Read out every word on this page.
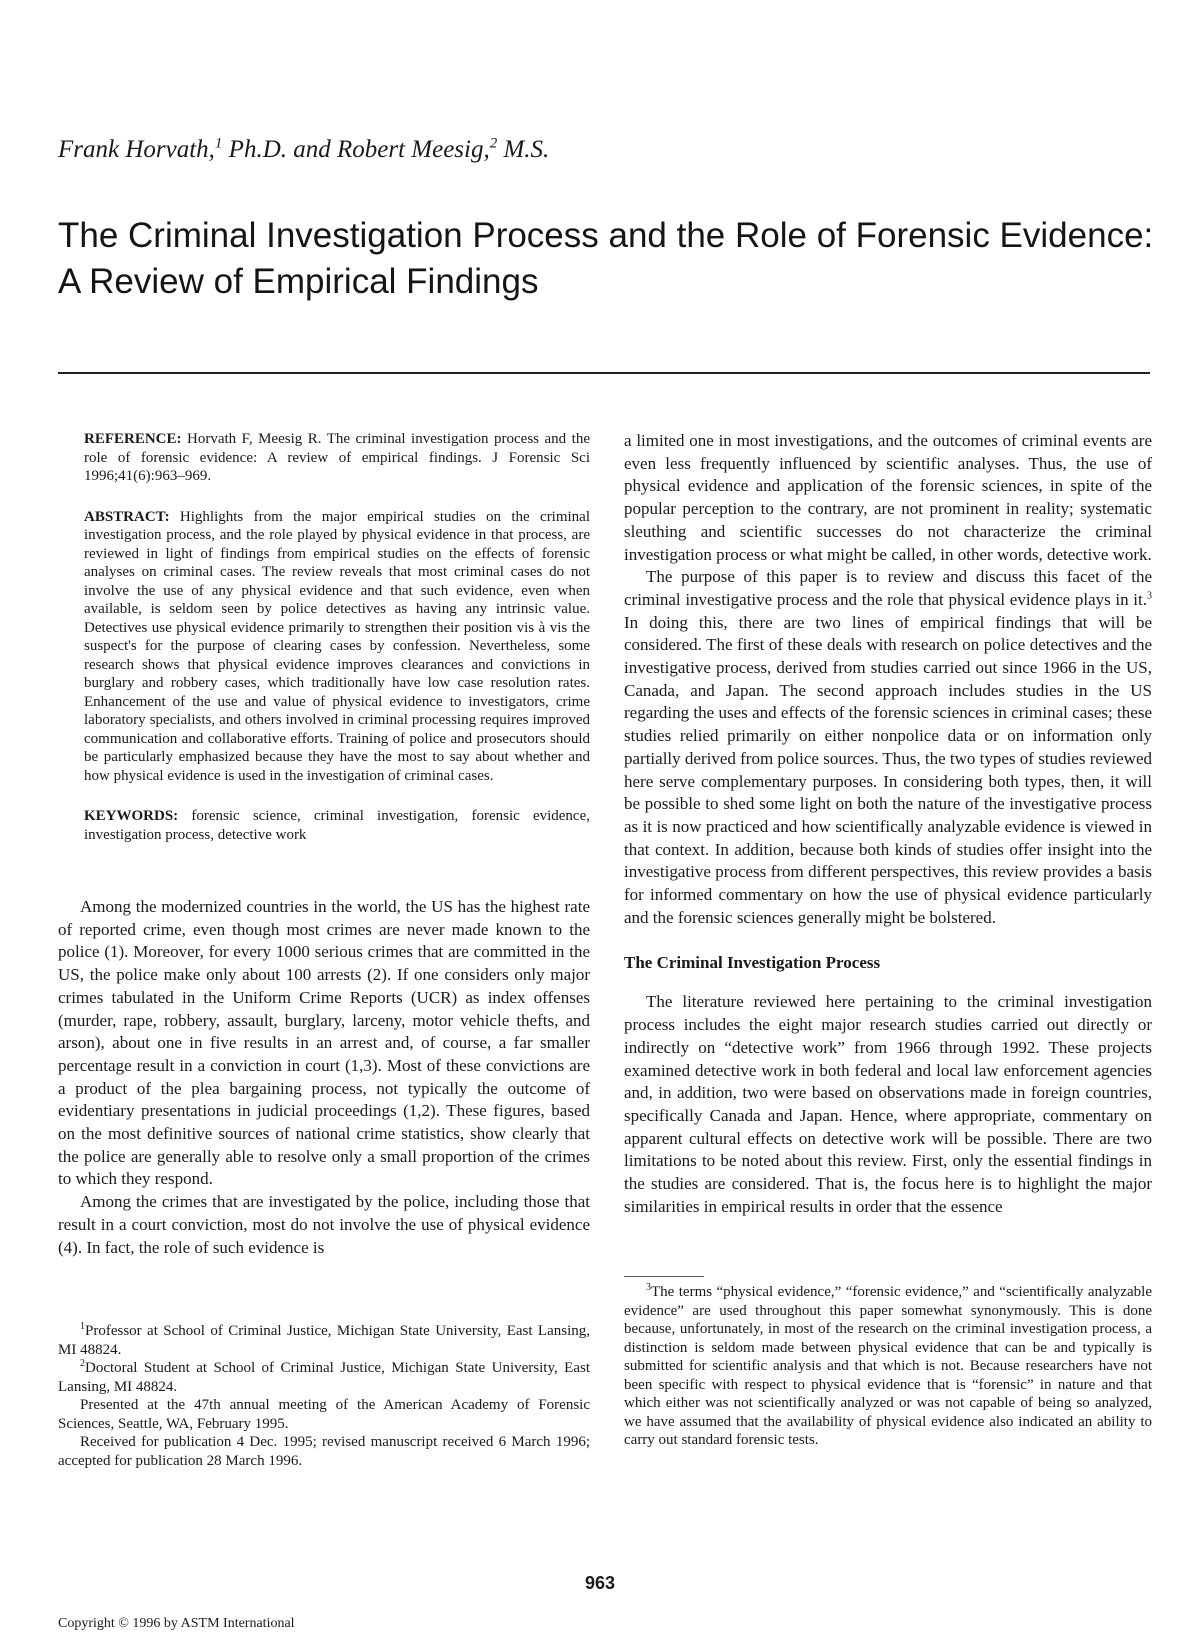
Frank Horvath,$^1$ Ph.D. and Robert Meesig,$^2$ M.S.
The Criminal Investigation Process and the Role of Forensic Evidence: A Review of Empirical Findings

REFERENCE: Horvath F, Meesig R. The criminal investigation process and the role of forensic evidence: A review of empirical findings. J Forensic Sci 1996;41(6):963–969.

ABSTRACT: Highlights from the major empirical studies on the criminal investigation process, and the role played by physical evidence in that process, are reviewed in light of findings from empirical studies on the effects of forensic analyses on criminal cases. The review reveals that most criminal cases do not involve the use of any physical evidence and that such evidence, even when available, is seldom seen by police detectives as having any intrinsic value. Detectives use physical evidence primarily to strengthen their position vis à vis the suspect's for the purpose of clearing cases by confession. Nevertheless, some research shows that physical evidence improves clearances and convictions in burglary and robbery cases, which traditionally have low case resolution rates. Enhancement of the use and value of physical evidence to investigators, crime laboratory specialists, and others involved in criminal processing requires improved communication and collaborative efforts. Training of police and prosecutors should be particularly emphasized because they have the most to say about whether and how physical evidence is used in the investigation of criminal cases.

KEYWORDS: forensic science, criminal investigation, forensic evidence, investigation process, detective work

Among the modernized countries in the world, the US has the highest rate of reported crime, even though most crimes are never made known to the police (1). Moreover, for every 1000 serious crimes that are committed in the US, the police make only about 100 arrests (2). If one considers only major crimes tabulated in the Uniform Crime Reports (UCR) as index offenses (murder, rape, robbery, assault, burglary, larceny, motor vehicle thefts, and arson), about one in five results in an arrest and, of course, a far smaller percentage result in a conviction in court (1,3). Most of these convictions are a product of the plea bargaining process, not typically the outcome of evidentiary presentations in judicial proceedings (1,2). These figures, based on the most definitive sources of national crime statistics, show clearly that the police are generally able to resolve only a small proportion of the crimes to which they respond.

Among the crimes that are investigated by the police, including those that result in a court conviction, most do not involve the use of physical evidence (4). In fact, the role of such evidence is

$^1$Professor at School of Criminal Justice, Michigan State University, East Lansing, MI 48824.

$^2$Doctoral Student at School of Criminal Justice, Michigan State University, East Lansing, MI 48824.

Presented at the 47th annual meeting of the American Academy of Forensic Sciences, Seattle, WA, February 1995.

Received for publication 4 Dec. 1995; revised manuscript received 6 March 1996; accepted for publication 28 March 1996.

a limited one in most investigations, and the outcomes of criminal events are even less frequently influenced by scientific analyses. Thus, the use of physical evidence and application of the forensic sciences, in spite of the popular perception to the contrary, are not prominent in reality; systematic sleuthing and scientific successes do not characterize the criminal investigation process or what might be called, in other words, detective work.

The purpose of this paper is to review and discuss this facet of the criminal investigative process and the role that physical evidence plays in it.$^3$ In doing this, there are two lines of empirical findings that will be considered. The first of these deals with research on police detectives and the investigative process, derived from studies carried out since 1966 in the US, Canada, and Japan. The second approach includes studies in the US regarding the uses and effects of the forensic sciences in criminal cases; these studies relied primarily on either nonpolice data or on information only partially derived from police sources. Thus, the two types of studies reviewed here serve complementary purposes. In considering both types, then, it will be possible to shed some light on both the nature of the investigative process as it is now practiced and how scientifically analyzable evidence is viewed in that context. In addition, because both kinds of studies offer insight into the investigative process from different perspectives, this review provides a basis for informed commentary on how the use of physical evidence particularly and the forensic sciences generally might be bolstered.

The Criminal Investigation Process

The literature reviewed here pertaining to the criminal investigation process includes the eight major research studies carried out directly or indirectly on “detective work” from 1966 through 1992. These projects examined detective work in both federal and local law enforcement agencies and, in addition, two were based on observations made in foreign countries, specifically Canada and Japan. Hence, where appropriate, commentary on apparent cultural effects on detective work will be possible. There are two limitations to be noted about this review. First, only the essential findings in the studies are considered. That is, the focus here is to highlight the major similarities in empirical results in order that the essence

$^3$The terms “physical evidence,” “forensic evidence,” and “scientifically analyzable evidence” are used throughout this paper somewhat synonymously. This is done because, unfortunately, in most of the research on the criminal investigation process, a distinction is seldom made between physical evidence that can be and typically is submitted for scientific analysis and that which is not. Because researchers have not been specific with respect to physical evidence that is “forensic” in nature and that which either was not scientifically analyzed or was not capable of being so analyzed, we have assumed that the availability of physical evidence also indicated an ability to carry out standard forensic tests.

963
Copyright © 1996 by ASTM International
